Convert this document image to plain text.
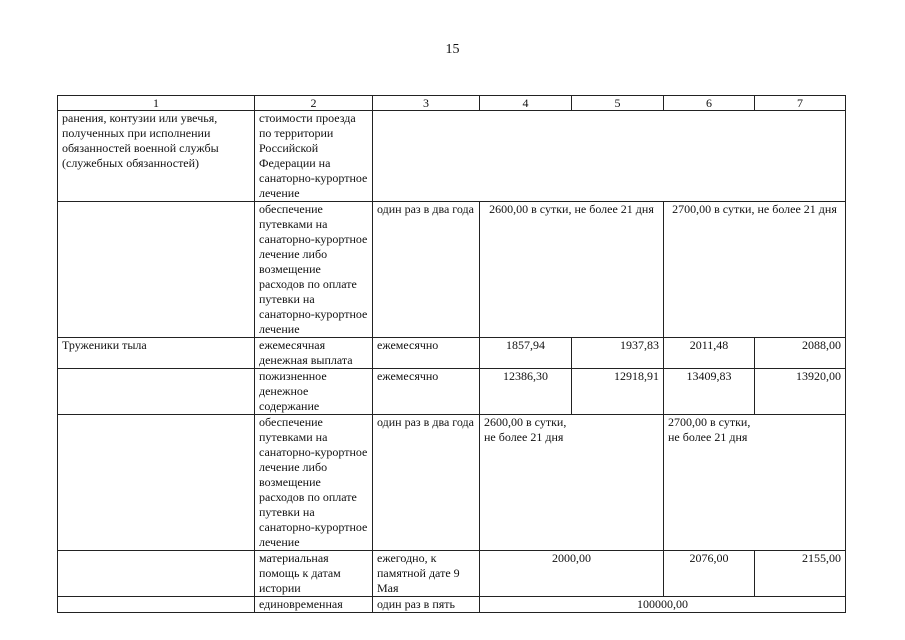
15
1	2	3	4	5	6	7
ранения, контузии или увечья, полученных при исполнении обязанностей военной службы (служебных обязанностей)	стоимости проезда по территории Российской Федерации на санаторно-курортное лечение					
	обеспечение путевками на санаторно-курортное лечение либо возмещение расходов по оплате путевки на санаторно-курортное лечение	один раз в два года	2600,00 в сутки, не более 21 дня		2700,00 в сутки, не более 21 дня	
Труженики тыла	ежемесячная денежная выплата	ежемесячно	1857,94	1937,83	2011,48	2088,00
	пожизненное денежное содержание	ежемесячно	12386,30	12918,91	13409,83	13920,00
	обеспечение путевками на санаторно-курортное лечение либо возмещение расходов по оплате путевки на санаторно-курортное лечение	один раз в два года	2600,00 в сутки, не более 21 дня		2700,00 в сутки, не более 21 дня	
	материальная помощь к датам истории	ежегодно, к памятной дате 9 Мая	2000,00		2076,00	2155,00
	единовременная	один раз в пять	100000,00			
